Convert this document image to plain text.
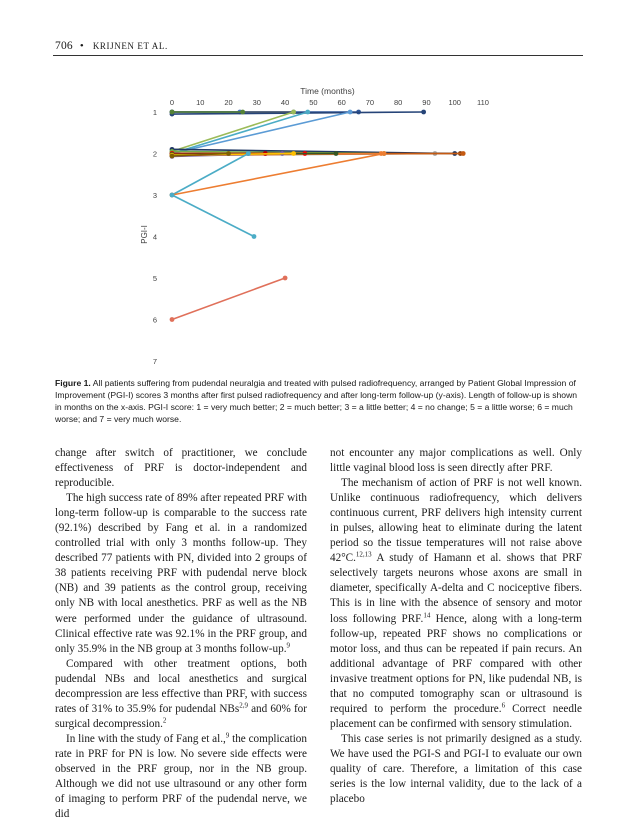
706 • KRIJNEN ET AL.
Time (months)
0	10	20	30	40	50	60	70	80	90 100 110
1
2
3
4
5
6
7
PGI-I
Figure 1. All patients suffering from pudendal neuralgia and treated with pulsed radiofrequency, arranged by Patient Global Impression of Improvement (PGI-I) scores 3 months after first pulsed radiofrequency and after long-term follow-up (y-axis). Length of follow-up is shown in months on the x-axis. PGI-I score: 1 = very much better; 2 = much better; 3 = a little better; 4 = no change; 5 = a little worse; 6 = much worse; and 7 = very much worse.

change after switch of practitioner, we conclude effectiveness of PRF is doctor-independent and reproducible.

The high success rate of 89% after repeated PRF with long-term follow-up is comparable to the success rate (92.1%) described by Fang et al. in a randomized controlled trial with only 3 months follow-up. They described 77 patients with PN, divided into 2 groups of 38 patients receiving PRF with pudendal nerve block (NB) and 39 patients as the control group, receiving only NB with local anesthetics. PRF as well as the NB were performed under the guidance of ultrasound. Clinical effective rate was 92.1% in the PRF group, and only 35.9% in the NB group at 3 months follow-up.$^9$

Compared with other treatment options, both pudendal NBs and local anesthetics and surgical decompression are less effective than PRF, with success rates of 31% to 35.9% for pudendal NBs$^{2,9}$ and 60% for surgical decompression.$^2$

In line with the study of Fang et al.,$^9$ the complication rate in PRF for PN is low. No severe side effects were observed in the PRF group, nor in the NB group. Although we did not use ultrasound or any other form of imaging to perform PRF of the pudendal nerve, we did

not encounter any major complications as well. Only little vaginal blood loss is seen directly after PRF.

The mechanism of action of PRF is not well known. Unlike continuous radiofrequency, which delivers continuous current, PRF delivers high intensity current in pulses, allowing heat to eliminate during the latent period so the tissue temperatures will not raise above 42°C.$^{12,13}$ A study of Hamann et al. shows that PRF selectively targets neurons whose axons are small in diameter, specifically A-delta and C nociceptive fibers. This is in line with the absence of sensory and motor loss following PRF.$^{14}$ Hence, along with a long-term follow-up, repeated PRF shows no complications or motor loss, and thus can be repeated if pain recurs. An additional advantage of PRF compared with other invasive treatment options for PN, like pudendal NB, is that no computed tomography scan or ultrasound is required to perform the procedure.$^6$ Correct needle placement can be confirmed with sensory stimulation.

This case series is not primarily designed as a study. We have used the PGI-S and PGI-I to evaluate our own quality of care. Therefore, a limitation of this case series is the low internal validity, due to the lack of a placebo
